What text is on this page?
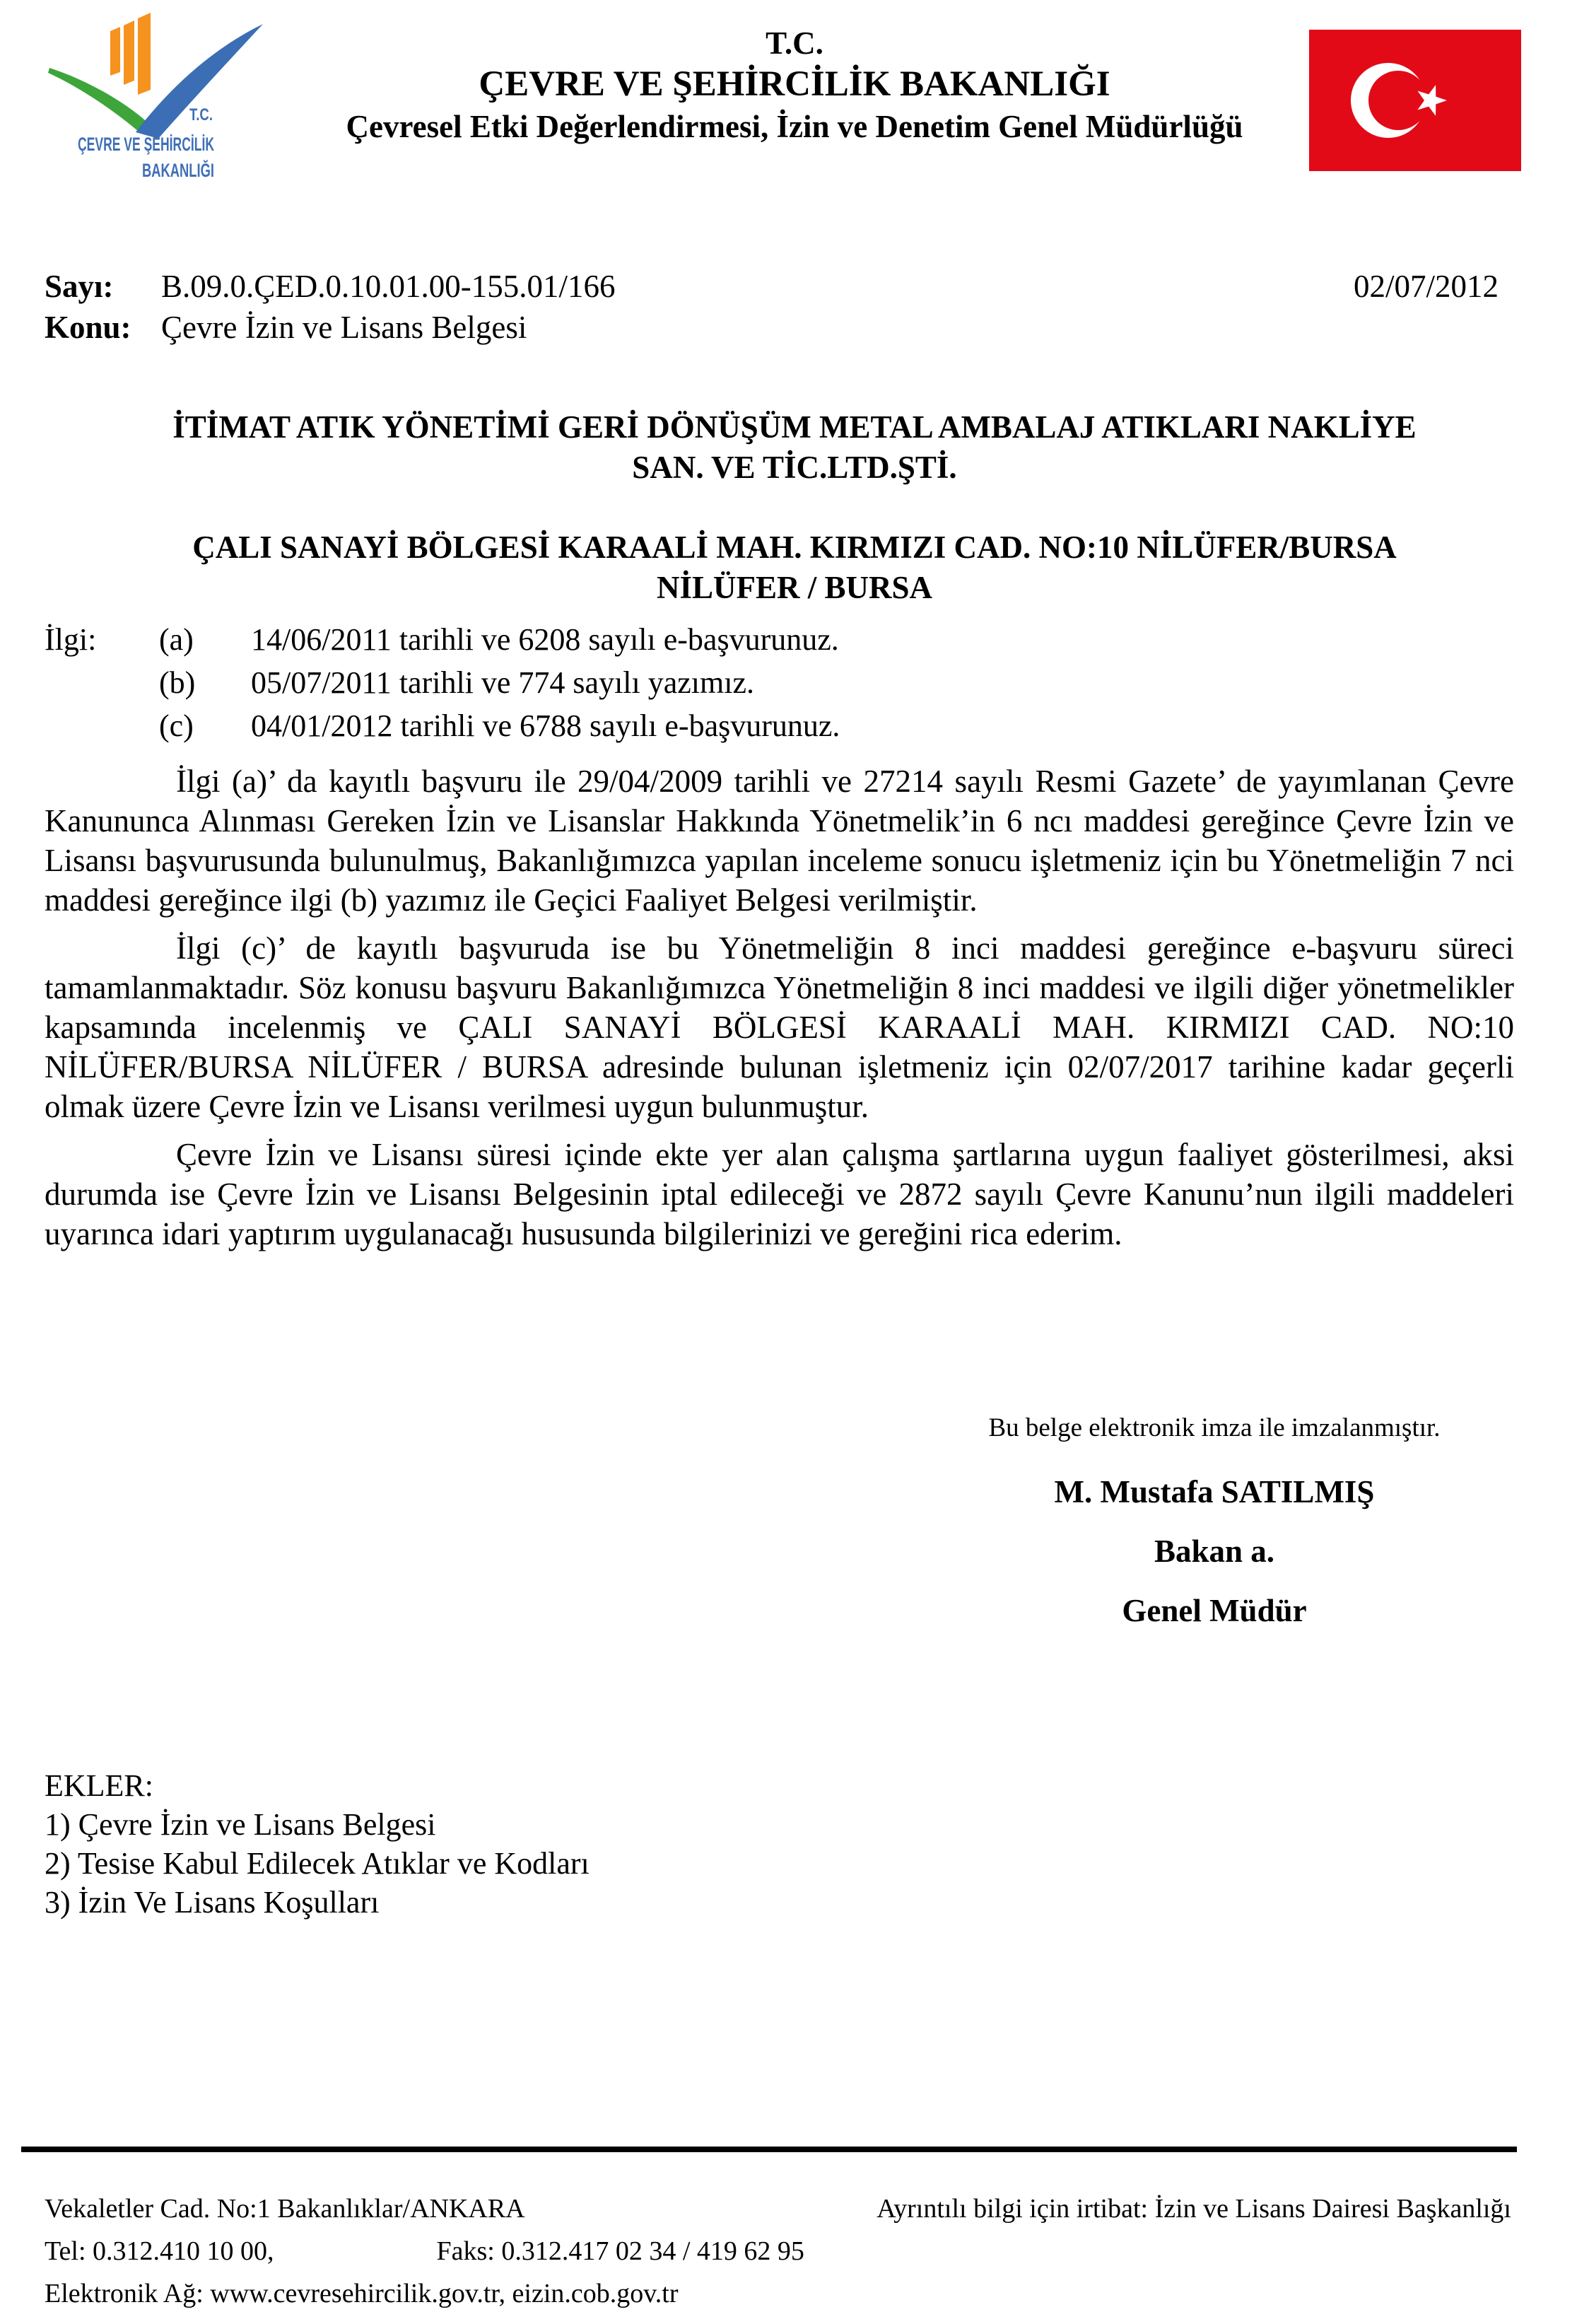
T.C.
ÇEVRE VE ŞEHİRCİLİK
BAKANLIĞI
T.C.
ÇEVRE VE ŞEHİRCİLİK BAKANLIĞI
Çevresel Etki Değerlendirmesi, İzin ve Denetim Genel Müdürlüğü
Sayı:	B.09.0.ÇED.0.10.01.00-155.01/166	02/07/2012
Konu: Çevre İzin ve Lisans Belgesi
İTİMAT ATIK YÖNETİMİ GERİ DÖNÜŞÜM METAL AMBALAJ ATIKLARI NAKLİYE
SAN. VE TİC.LTD.ŞTİ.
ÇALI SANAYİ BÖLGESİ KARAALİ MAH. KIRMIZI CAD. NO:10 NİLÜFER/BURSA
NİLÜFER / BURSA
İlgi:	(a)	14/06/2011 tarihli ve 6208 sayılı e-başvurunuz.
(b)	05/07/2011 tarihli ve 774 sayılı yazımız.
(c)	04/01/2012 tarihli ve 6788 sayılı e-başvurunuz.

İlgi (a)’ da kayıtlı başvuru ile 29/04/2009 tarihli ve 27214 sayılı Resmi Gazete’ de yayımlanan Çevre Kanununca Alınması Gereken İzin ve Lisanslar Hakkında Yönetmelik’in 6 ncı maddesi gereğince Çevre İzin ve Lisansı başvurusunda bulunulmuş, Bakanlığımızca yapılan inceleme sonucu işletmeniz için bu Yönetmeliğin 7 nci maddesi gereğince ilgi (b) yazımız ile Geçici Faaliyet Belgesi verilmiştir.

İlgi (c)’ de kayıtlı başvuruda ise bu Yönetmeliğin 8 inci maddesi gereğince e-başvuru süreci tamamlanmaktadır. Söz konusu başvuru Bakanlığımızca Yönetmeliğin 8 inci maddesi ve ilgili diğer yönetmelikler kapsamında incelenmiş ve ÇALI SANAYİ BÖLGESİ KARAALİ MAH. KIRMIZI CAD. NO:10 NİLÜFER/BURSA NİLÜFER / BURSA adresinde bulunan işletmeniz için 02/07/2017 tarihine kadar geçerli olmak üzere Çevre İzin ve Lisansı verilmesi uygun bulunmuştur.

Çevre İzin ve Lisansı süresi içinde ekte yer alan çalışma şartlarına uygun faaliyet gösterilmesi, aksi durumda ise Çevre İzin ve Lisansı Belgesinin iptal edileceği ve 2872 sayılı Çevre Kanunu’nun ilgili maddeleri uyarınca idari yaptırım uygulanacağı hususunda bilgilerinizi ve gereğini rica ederim.

Bu belge elektronik imza ile imzalanmıştır.
M. Mustafa SATILMIŞ
Bakan a.
Genel Müdür
EKLER:
1) Çevre İzin ve Lisans Belgesi
2) Tesise Kabul Edilecek Atıklar ve Kodları
3) İzin Ve Lisans Koşulları
Vekaletler Cad. No:1 Bakanlıklar/ANKARA	Ayrıntılı bilgi için irtibat: İzin ve Lisans Dairesi Başkanlığı
Tel: 0.312.410 10 00,	Faks: 0.312.417 02 34 / 419 62 95
Elektronik Ağ: www.cevresehircilik.gov.tr, eizin.cob.gov.tr
